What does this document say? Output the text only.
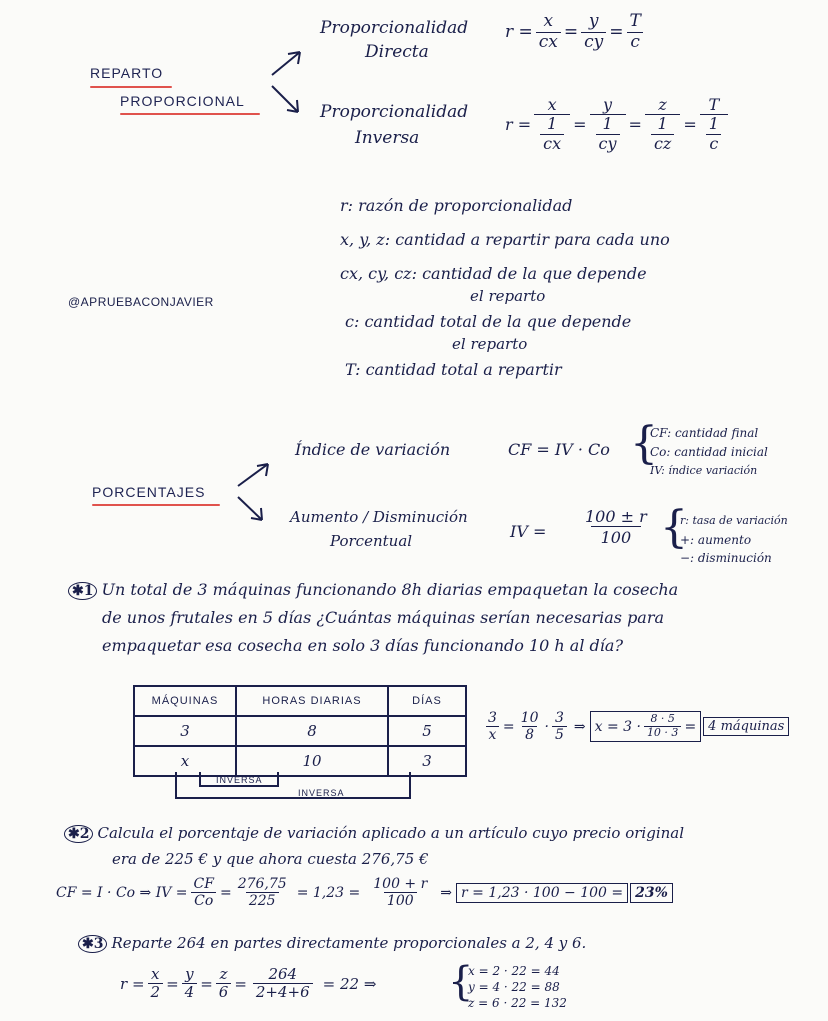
REPARTO
PROPORCIONAL
Proporcionalidad
Directa
$r = \frac{x}{cx} = \frac{y}{cy} = \frac{T}{c}$
Proporcionalidad
Inversa
$r = \frac{x}{\frac{1}{cx}} = \frac{y}{\frac{1}{cy}} = \frac{z}{\frac{1}{cz}} = \frac{T}{\frac{1}{c}}$
r: razón de proporcionalidad
x, y, z: cantidad a repartir para cada uno
cx, cy, cz: cantidad de la que depende
el reparto
c: cantidad total de la que depende
el reparto
T: cantidad total a repartir
@APRUEBACONJAVIER
PORCENTAJES
Índice de variación	CF = IV · Co {
CF: cantidad final
Co: cantidad inicial
IV: índice variación
Aumento / Disminución
Porcentual	IV = $\frac{100 \pm r}{100}$ {
r: tasa de variación
+: aumento
−: disminución
✱1 Un total de 3 máquinas funcionando 8h diarias empaquetan la cosecha
de unos frutales en 5 días ¿Cuántas máquinas serían necesarias para
empaquetar esa cosecha en solo 3 días funcionando 10 h al día?
MÁQUINAS	HORAS DIARIAS	DÍAS
3	8	5
x	10	3
INVERSA
INVERSA
$\frac{3}{x} = \frac{10}{8} \cdot \frac{3}{5}$ ⇒ $x = 3 \cdot \frac{8 \cdot 5}{10 \cdot 3} = 4$ máquinas
✱2 Calcula el porcentaje de variación aplicado a un artículo cuyo precio original
era de 225 € y que ahora cuesta 276,75 €
CF = I · Co ⇒ IV = $\frac{CF}{Co} = \frac{276,75}{225} = 1,23 = \frac{100 + r}{100}$ ⇒ r = 1,23 · 100 − 100 = 23%
✱3 Reparte 264 en partes directamente proporcionales a 2, 4 y 6.
$r = \frac{x}{2} = \frac{y}{4} = \frac{z}{6} = \frac{264}{2+4+6} = 22$ ⇒ {
x = 2 · 22 = 44
y = 4 · 22 = 88
z = 6 · 22 = 132
